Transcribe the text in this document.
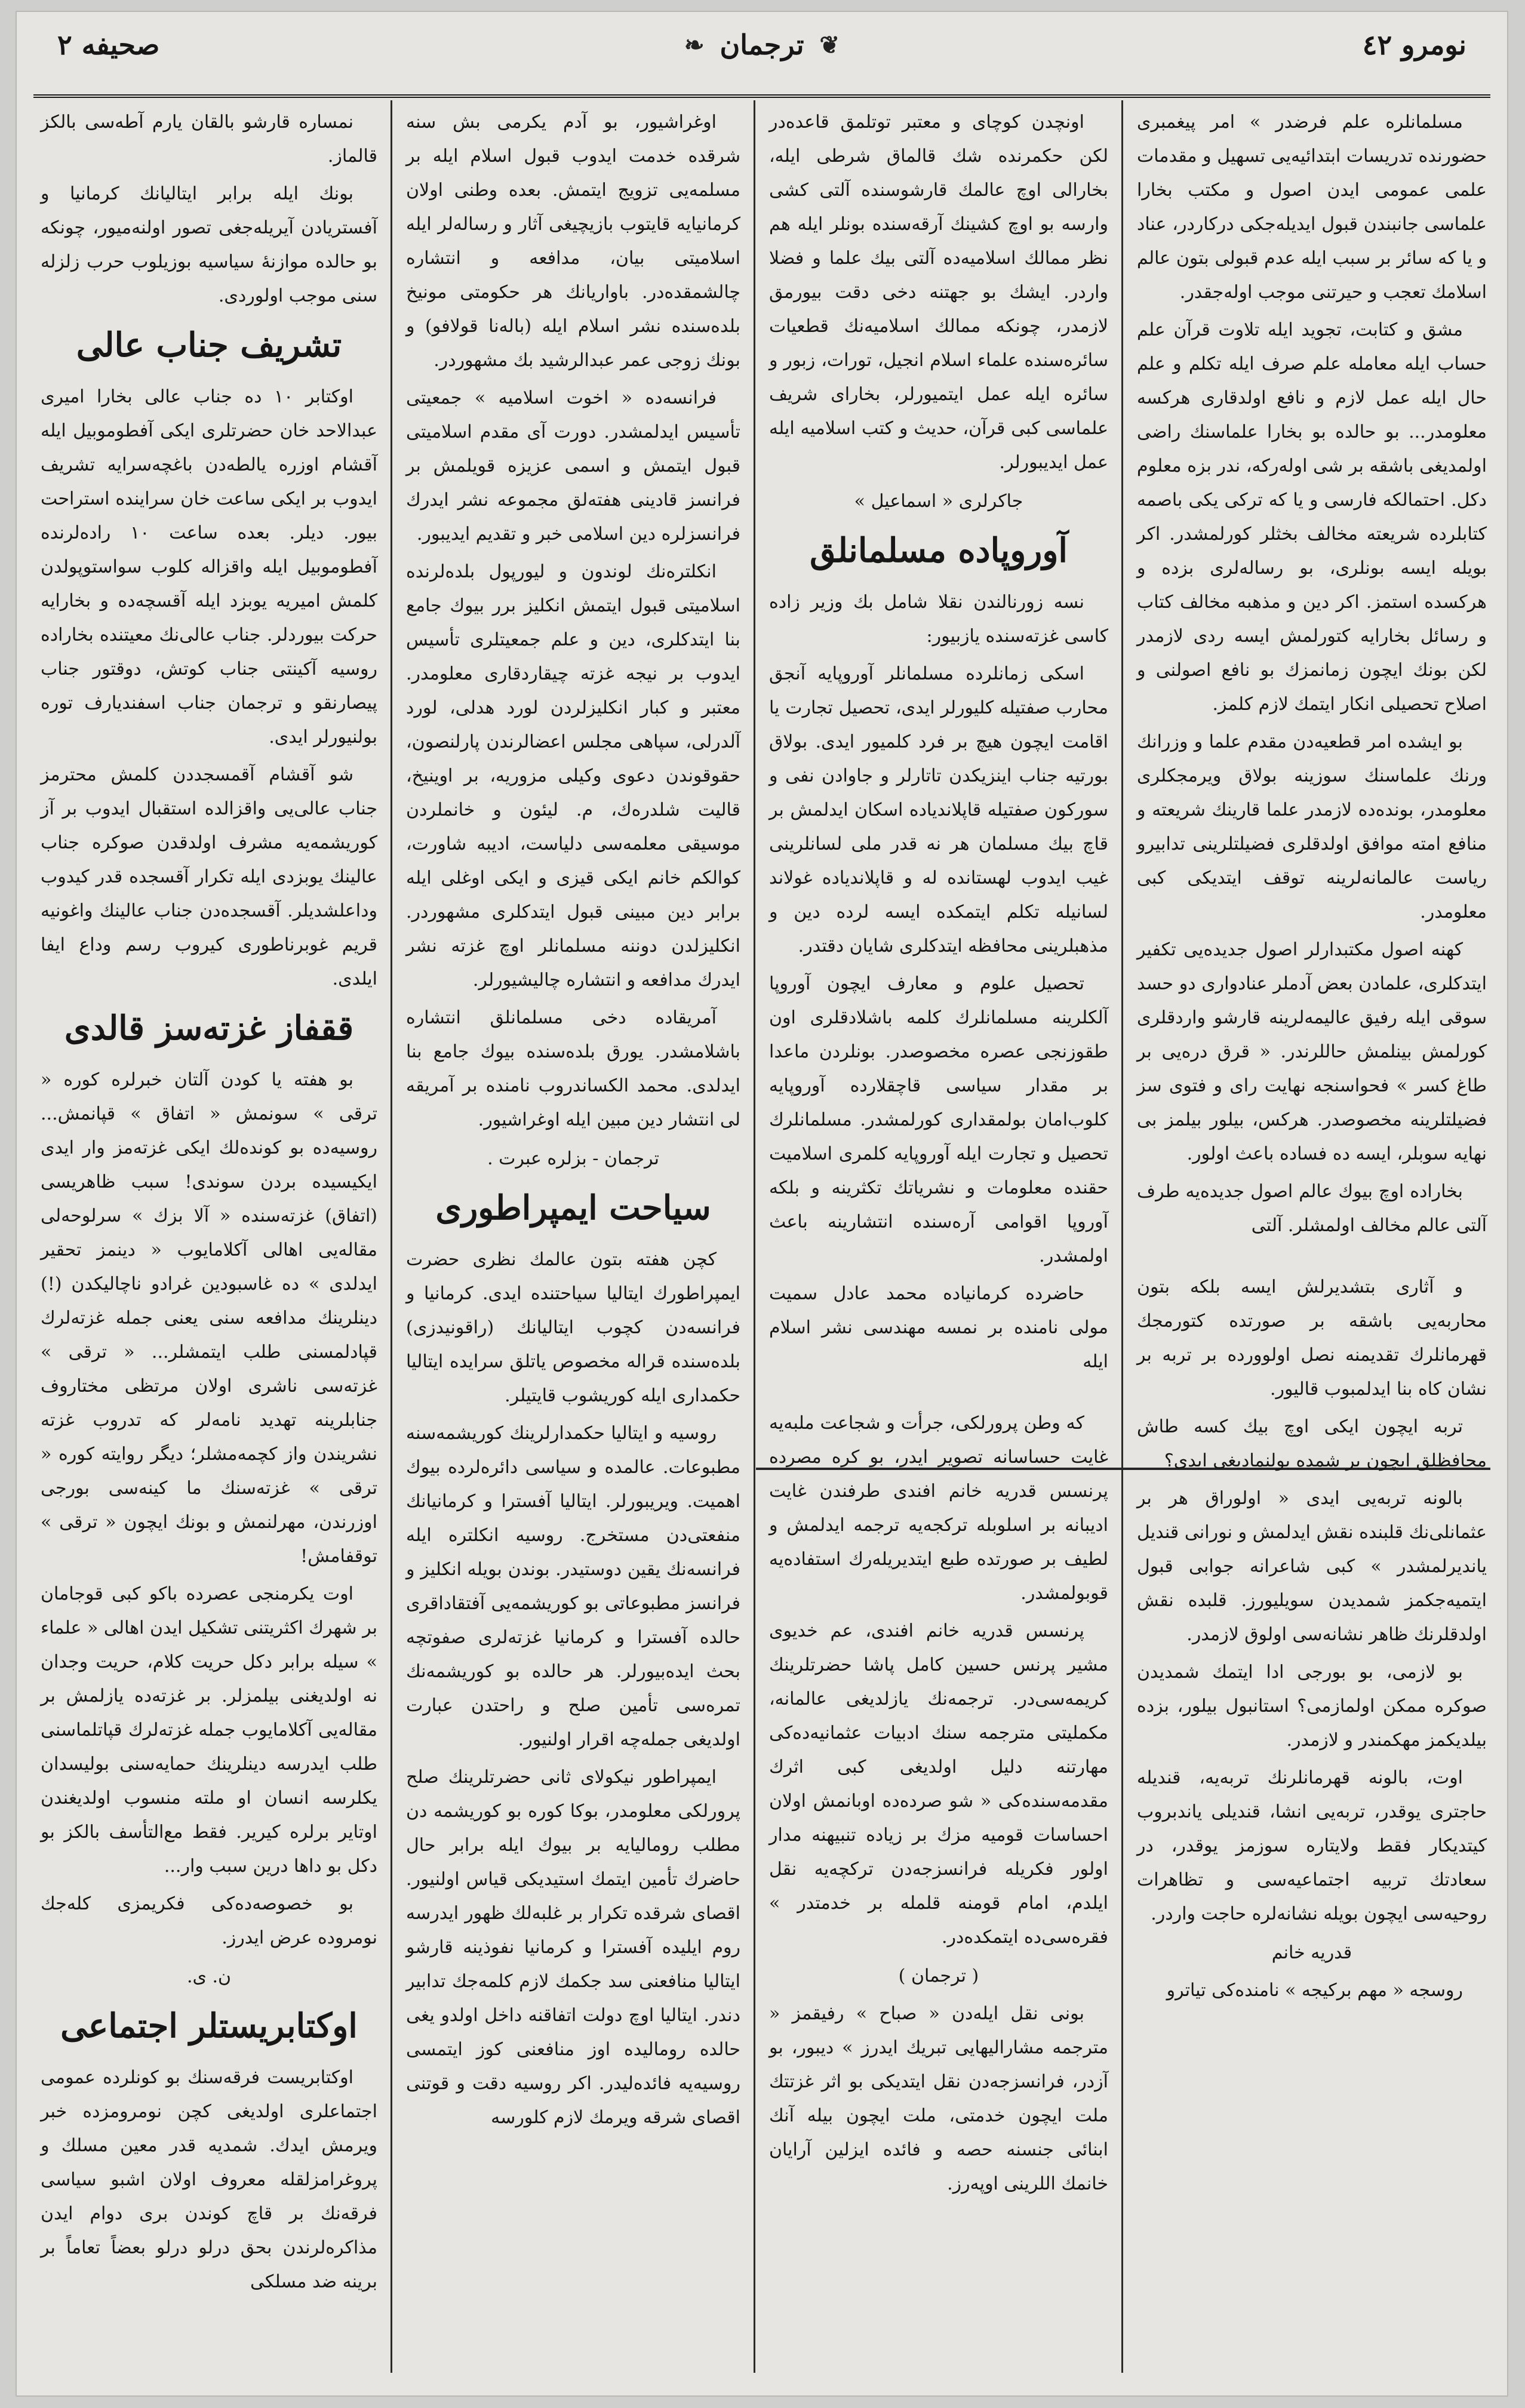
نومرو ٤٢
❦
ترجمان
❧
صحيفه ٢

مسلمانلره علم فرضدر » امر پيغمبرى حضورنده تدريسات ابتدائيه‌يى تسهيل و مقدمات علمى عمومى ايدن اصول و مكتب بخارا علماسى جانبندن قبول ايديله‌جكى دركاردر، عناد و يا كه سائر بر سبب ايله عدم قبولى بتون عالم اسلامك تعجب و حيرتنى موجب اوله‌جقدر.

مشق و كتابت، تجويد ايله تلاوت قرآن علم حساب ايله معامله علم صرف ايله تكلم و علم حال ايله عمل لازم و نافع اولدقارى هركسه معلومدر... بو حالده بو بخارا علماسنك راضى اولمديغى باشقه بر شى اوله‌ركه، ندر بزه معلوم دكل. احتمالكه فارسى و يا كه تركى يكى باصمه كتابلرده شريعته مخالف بخثلر كورلمشدر. اكر بويله ايسه بونلرى، بو رساله‌لرى بزده و هركسده استمز. اكر دين و مذهبه مخالف كتاب و رسائل بخارايه كتورلمش ايسه ردى لازمدر لكن بونك ايچون زمانمزك بو نافع اصولنى و اصلاح تحصيلى انكار ايتمك لازم كلمز.

بو ايشده امر قطعيه‌دن مقدم علما و وزرانك ورنك علماسنك سوزينه بولاق ويرمجكلرى معلومدر، بونده‌ده لازمدر علما قارينك شريعته و منافع امته موافق اولدقلرى فضيلتلرينى تدابيرو رياست عالمانه‌لرينه توقف ايتديكى كبى معلومدر.

كهنه اصول مكتبدارلر اصول جديده‌يى تكفير ايتدكلرى، علمادن بعض آدملر عنادوارى دو حسد سوقى ايله رفيق عاليمه‌لرينه قارشو واردقلرى كورلمش بينلمش حاللرندر. « قرق دره‌يى بر طاغ كسر » فحواسنجه نهايت راى و فتوى سز فضيلتلرينه مخصوصدر. هركس، بيلور بيلمز بى نهايه سوبلر، ايسه ده فساده باعث اولور.

بخاراده اوچ بيوك عالم اصول جديده‌يه طرف آلتى عالم مخالف اولمشلر. آلتى

و آثارى بتشديرلش ايسه بلكه بتون محاربه‌يى باشقه بر صورتده كتورمجك قهرمانلرك تقديمنه نصل اولوورده بر تربه بر نشان كاه بنا ايدلمبوب قاليور.

تربه ايچون ايكى اوچ بيك كسه طاش محافظلق ايچون بر شمده بولنماديغى ايدى؟

بالونه تربه‌يى ايدى « اولوراق هر بر عثمانلى‌نك قلبنده نقش ايدلمش و نورانى قنديل يانديرلمشدر » كبى شاعرانه جوابى قبول ايتميه‌جكمز شمديدن سويليورز. قلبده نقش اولدقلرنك ظاهر نشانه‌سى اولوق لازمدر.

بو لازمى، بو بورجى ادا ايتمك شمديدن صوكره ممكن اولمازمى؟ استانبول بيلور، بزده بيلديكمز مهكمندر و لازمدر.

اوت، بالونه قهرمانلرنك تربه‌يه، قنديله حاجترى يوقدر، تربه‌يى انشا، قنديلى ياندبروب كيتديكار فقط ولايتاره سوزمز يوقدر، در سعادتك تربيه اجتماعيه‌سى و تظاهرات روحيه‌سى ايچون بويله نشانه‌لره حاجت واردر.

قدريه خانم

روسجه « مهم بركيجه » نامنده‌كى تياترو

اونچدن كوچاى و معتبر توتلمق قاعده‌در لكن حكمرنده شك قالماق شرطى ايله، بخارالى اوچ عالمك قارشوسنده آلتى كشى وارسه بو اوچ كشينك آرقه‌سنده بونلر ايله هم نظر ممالك اسلاميه‌ده آلتى بيك علما و فضلا واردر. ايشك بو جهتنه دخى دقت بيورمق لازمدر، چونكه ممالك اسلاميه‌نك قطعيات سائره‌سنده علماء اسلام انجيل، تورات، زبور و سائره ايله عمل ايتميورلر، بخاراى شريف علماسى كبى قرآن، حديث و كتب اسلاميه ايله عمل ايديبورلر.

جاكرلرى « اسماعيل »
آوروپاده مسلمانلق

نسه زورنالندن نقلا شامل بك وزير زاده كاسى غزته‌سنده يازبيور:

اسكى زمانلرده مسلمانلر آوروپايه آنجق محارب صفتيله كليورلر ايدى، تحصيل تجارت يا اقامت ايچون هيچ بر فرد كلميور ايدى. بولاق بورتيه جناب اينزيكدن تاتارلر و جاوادن نفى و سوركون صفتيله قاپلاندياده اسكان ايدلمش بر قاچ بيك مسلمان هر نه قدر ملى لسانلرينى غيب ايدوب لهستانده له و قاپلاندياده غولاند لسانيله تكلم ايتمكده ايسه لرده دين و مذهبلرينى محافظه ايتدكلرى شايان دقتدر.

تحصيل علوم و معارف ايچون آوروپا آلكلرينه مسلمانلرك كلمه باشلادقلرى اون طقوزنجى عصره مخصوصدر. بونلردن ماعدا بر مقدار سياسى قاچقلارده آوروپايه كلوب‌امان بولمقدارى كورلمشدر. مسلمانلرك تحصيل و تجارت ايله آوروپايه كلمرى اسلاميت حقنده معلومات و نشرياتك تكثرينه و بلكه آوروپا اقوامى آرەسنده انتشارينه باعث اولمشدر.

حاضرده كرمانياده محمد عادل سميت مولى نامنده بر نمسه مهندسى نشر اسلام ايله

كه وطن پرورلكى، جرأت و شجاعت ملبه‌يه غايت حساسانه تصوير ايدر، بو كره مصرده پرنسس قدريه خانم افندى طرفندن غايت اديبانه بر اسلوبله تركجه‌يه ترجمه ايدلمش و لطيف بر صورتده طبع ايتديريله‌رك استفاده‌يه قوبولمشدر.

پرنسس قدريه خانم افندى، عم خديوى مشير پرنس حسين كامل پاشا حضرتلرينك كريمه‌سى‌در. ترجمه‌نك يازلديغى عالمانه، مكمليتى مترجمه سنك ادبيات عثمانيه‌ده‌كى مهارتنه دليل اولديغى كبى اثرك مقدمه‌سنده‌كى « شو صرده‌ده اوبانمش اولان احساسات قوميه مزك بر زياده تنبيهنه مدار اولور فكريله فرانسزجه‌دن تركچه‌يه نقل ايلدم، امام قومنه قلمله بر خدمتدر » فقره‌سى‌ده ايتمكده‌در.

( ترجمان )

بونى نقل ايله‌دن « صباح » رفيقمز « مترجمه مشاراليهايى تبريك ايدرز » ديبور، بو آزدر، فرانسزجه‌دن نقل ايتديكى بو اثر غزتتك ملت ايچون خدمتى، ملت ايچون بيله آنك ابنائى جنسنه حصه و فائده ايزلين آرايان خانمك اللرينى اوپه‌رز.

اوغراشيور، بو آدم يكرمى بش سنه شرقده خدمت ايدوب قبول اسلام ايله بر مسلمه‌يى تزويج ايتمش. بعده وطنى اولان كرمانيايه قايتوب بازيچيغى آثار و رساله‌لر ايله اسلاميتى بيان، مدافعه و انتشاره چالشمقده‌در. باواريانك هر حكومتى مونيخ بلده‌سنده نشر اسلام ايله (بالەنا قولافو) و بونك زوجى عمر عبدالرشيد بك مشهوردر.

فرانسه‌ده « اخوت اسلاميه » جمعيتى تأسيس ايدلمشدر. دورت آى مقدم اسلاميتى قبول ايتمش و اسمى عزيزه قويلمش بر فرانسز قادينى هفته‌لق مجموعه نشر ايدرك فرانسزلره دين اسلامى خبر و تقديم ايديبور.

انكلتره‌نك لوندون و ليورپول بلده‌لرنده اسلاميتى قبول ايتمش انكليز برر بيوك جامع بنا ايتدكلرى، دين و علم جمعيتلرى تأسيس ايدوب بر نيجه غزته چيقاردقارى معلومدر. معتبر و كبار انكليزلردن لورد هدلى، لورد آلدرلى، سپاهى مجلس اعضالرندن پارلنصون، حقوقوندن دعوى وكيلى مزوريه، بر اوينيخ، قاليت شلدرەك، م. ليئون و خانملردن موسيقى معلمه‌سى دلياست، اديبه شاورت، كوالكم خانم ايكى قيزى و ايكى اوغلى ايله برابر دين مبينى قبول ايتدكلرى مشهوردر. انكليزلدن دوننه مسلمانلر اوچ غزته نشر ايدرك مدافعه و انتشاره چاليشيورلر.

آمريقاده دخى مسلمانلق انتشاره باشلامشدر. يورق بلده‌سنده بيوك جامع بنا ايدلدى. محمد الكساندروب نامنده بر آمريقه لى انتشار دين مبين ايله اوغراشيور.

ترجمان - بزلره عبرت .
سياحت ايمپراطورى

كچن هفته بتون عالمك نظرى حضرت ايمپراطورك ايتاليا سياحتنده ايدى. كرمانيا و فرانسه‌دن كچوب ايتاليانك (راقونيدزى) بلده‌سنده قراله مخصوص ياتلق سرايده ايتاليا حكمدارى ايله كوريشوب قايتيلر.

روسيه و ايتاليا حكمدارلرينك كوريشمه‌سنه مطبوعات. عالمده و سياسى دائره‌لرده بيوك اهميت. ويريبورلر. ايتاليا آفسترا و كرمانيانك منفعتى‌دن مستخرج. روسيه انكلتره ايله فرانسه‌نك يقين دوستيدر. بوندن بويله انكليز و فرانسز مطبوعاتى بو كوريشمه‌يى آفتقاداقرى حالده آفسترا و كرمانيا غزته‌لرى صفوتچه بحث ايده‌بيورلر. هر حالده بو كوريشمه‌نك تمرەسى تأمين صلح و راحتدن عبارت اولديغى جملەچه اقرار اولنيور.

ايمپراطور نيكولاى ثانى حضرتلرينك صلح پرورلكى معلومدر، بوكا كوره بو كوريشمه دن مطلب روماليايه بر بيوك ايله برابر حال حاضرك تأمين ايتمك استيديكى قياس اولنيور. اقصاى شرقده تكرار بر غلبه‌لك ظهور ايدرسه روم ايليده آفسترا و كرمانيا نفوذينه قارشو ايتاليا منافعنى سد جكمك لازم كلمه‌جك تدابير دندر. ايتاليا اوچ دولت اتفاقنه داخل اولدو يغى حالده روماليده اوز منافعنى كوز ايتمسى روسيه‌يه فائده‌ليدر. اكر روسيه دقت و قوتنى اقصاى شرقه ويرمك لازم كلورسه

نمساره قارشو بالقان يارم آطه‌سى بالكز قالماز.

بونك ايله برابر ايتاليانك كرمانيا و آفستريادن آيريله‌جغى تصور اولنه‌ميور، چونكه بو حالده موازنهٔ سياسيه بوزيلوب حرب زلزله سنى موجب اولوردى.

تشريف جناب عالى

اوكتابر ١٠ ده جناب عالى بخارا اميرى عبدالاحد خان حضرتلرى ايكى آفطوموبيل ايله آقشام اوزره يالطه‌دن باغچه‌سرايه تشريف ايدوب بر ايكى ساعت خان سراينده استراحت بيور. ديلر. بعده ساعت ١٠ رادەلرنده آفطوموبيل ايله واقزاله كلوب سواستوپولدن كلمش اميريه يوبزد ايله آقسچه‌ده و بخارايه حركت بيوردلر. جناب عالى‌نك معيتنده بخاراده روسيه آكينتى جناب كوتش، دوقتور جناب پيصارنقو و ترجمان جناب اسفنديارف توره بولنيورلر ايدى.

شو آقشام آقمسجددن كلمش محترمز جناب عالى‌يى واقزالده استقبال ايدوب بر آز كوريشمه‌يه مشرف اولدقدن صوكره جناب عالينك يوبزدى ايله تكرار آقسجده قدر كيدوب وداعلشديلر. آقسجده‌دن جناب عالينك واغونيه قريم غوبرناطورى كيروب رسم وداع ايفا ايلدى.

ققفاز غزته‌سز قالدى

بو هفته يا كودن آلتان خبرلره كوره « ترقى » سونمش « اتفاق » قپانمش... روسيه‌ده بو كوندەلك ايكى غزته‌مز وار ايدى ايكيسيده بردن سوندى! سبب ظاهريسى (اتفاق) غزته‌سنده « آلا بزك » سرلوحەلى مقاله‌يى اهالى آكلامايوب « دينمز تحقير ايدلدى » ده غاسبودين غرادو ناچاليكدن (!) دينلرينك مدافعه سنى يعنى جمله غزته‌لرك قپادلمسنى طلب ايتمشلر... « ترقى » غزته‌سى ناشرى اولان مرتظى مختاروف جنابلرينه تهديد نامه‌لر كه تدروب غزته نشريندن واز كچمه‌مشلر؛ ديگر روايته كوره « ترقى » غزته‌سنك ما كينه‌سى بورجى اوزرندن، مهرلنمش و بونك ايچون « ترقى » توقفامش!

اوت يكرمنجى عصرده باكو كبى قوجامان بر شهرك اكثريتنى تشكيل ايدن اهالى « علماء » سيله برابر دكل حريت كلام، حريت وجدان نه اولديغنى بيلمزلر. بر غزته‌دە يازلمش بر مقاله‌يى آكلامايوب جمله غزته‌لرك قپاتلماسنى طلب ايدرسه دينلرينك حمايه‌سنى بوليسدان يكلرسه انسان او ملته منسوب اولديغندن اوتاير برلره كيرير. فقط مع‌التأسف بالكز بو دكل بو داها درين سبب وار...

بو خصوصه‌ده‌كى فكريمزى كله‌جك نومروده عرض ايدرز.

ن. ى.
اوكتابريستلر اجتماعى

اوكتابريست فرقه‌سنك بو كونلرده عمومى اجتماعلرى اولديغى كچن نومرومزده خبر ويرمش ايدك. شمديه قدر معين مسلك و پروغرامزلقله معروف اولان اشبو سياسى فرقه‌نك بر قاچ كوندن برى دوام ايدن مذاكره‌لرندن بحق درلو درلو بعضاً تعاماً بر برينه ضد مسلكى
